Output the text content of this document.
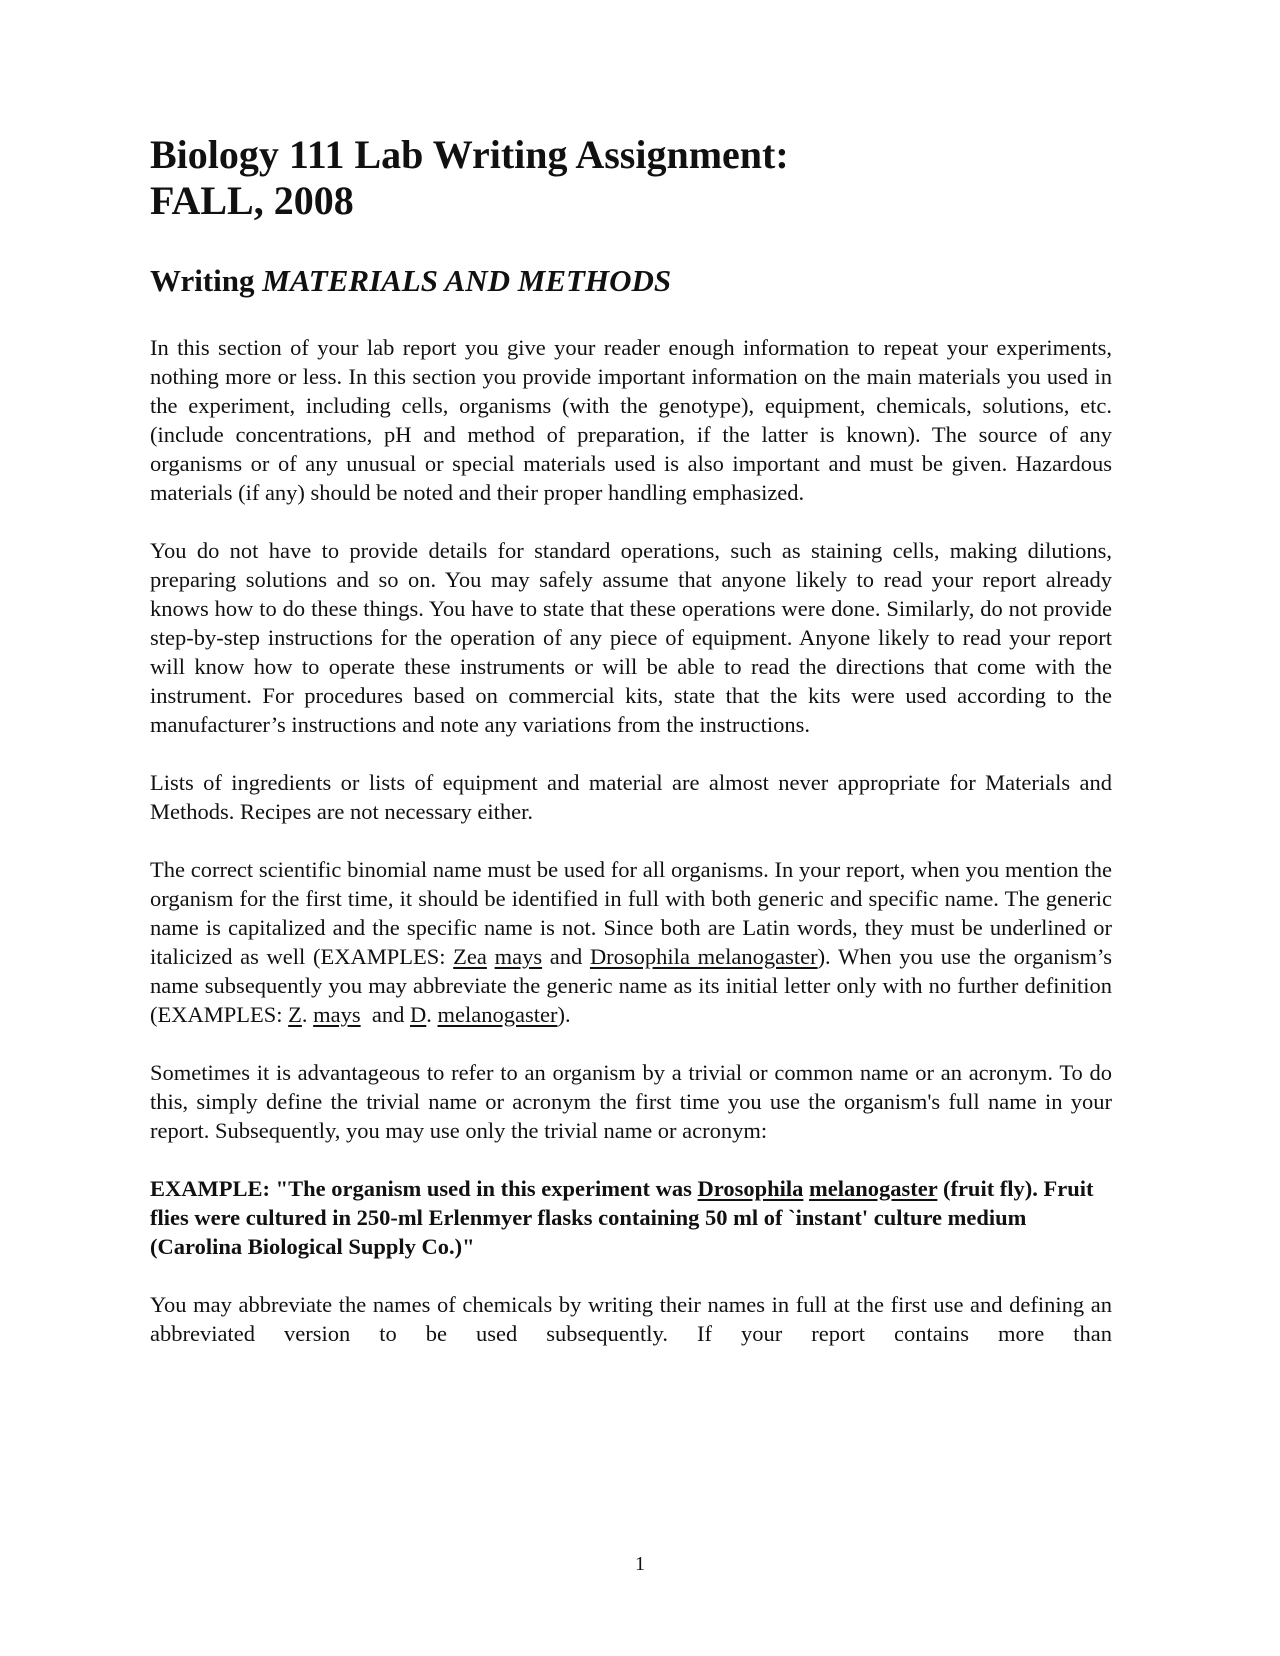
Biology 111 Lab Writing Assignment:
FALL, 2008
Writing MATERIALS AND METHODS

In this section of your lab report you give your reader enough information to repeat your experiments, nothing more or less. In this section you provide important information on the main materials you used in the experiment, including cells, organisms (with the genotype), equipment, chemicals, solutions, etc. (include concentrations, pH and method of preparation, if the latter is known). The source of any organisms or of any unusual or special materials used is also important and must be given. Hazardous materials (if any) should be noted and their proper handling emphasized.

You do not have to provide details for standard operations, such as staining cells, making dilutions, preparing solutions and so on. You may safely assume that anyone likely to read your report already knows how to do these things. You have to state that these operations were done. Similarly, do not provide step-by-step instructions for the operation of any piece of equipment. Anyone likely to read your report will know how to operate these instruments or will be able to read the directions that come with the instrument. For procedures based on commercial kits, state that the kits were used according to the manufacturer’s instructions and note any variations from the instructions.

Lists of ingredients or lists of equipment and material are almost never appropriate for Materials and Methods. Recipes are not necessary either.

The correct scientific binomial name must be used for all organisms. In your report, when you mention the organism for the first time, it should be identified in full with both generic and specific name. The generic name is capitalized and the specific name is not. Since both are Latin words, they must be underlined or italicized as well (EXAMPLES: Zea mays and Drosophila melanogaster). When you use the organism’s name subsequently you may abbreviate the generic name as its initial letter only with no further definition (EXAMPLES: Z. mays  and D. melanogaster).

Sometimes it is advantageous to refer to an organism by a trivial or common name or an acronym. To do this, simply define the trivial name or acronym the first time you use the organism's full name in your report. Subsequently, you may use only the trivial name or acronym:

EXAMPLE: "The organism used in this experiment was Drosophila melanogaster (fruit fly). Fruit flies were cultured in 250-ml Erlenmyer flasks containing 50 ml of `instant' culture medium (Carolina Biological Supply Co.)"

You may abbreviate the names of chemicals by writing their names in full at the first use and defining an abbreviated version to be used subsequently. If your report contains more than

1
